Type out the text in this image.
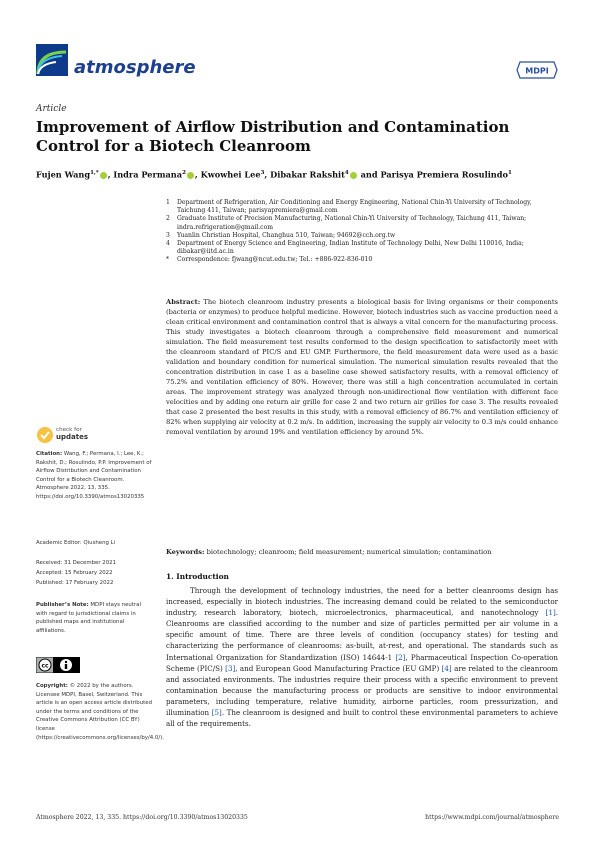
atmosphere	MDPI
Article
Improvement of Airflow Distribution and Contamination Control for a Biotech Cleanroom
Fujen Wang$^{1,*}$ , Indra Permana$^2$ , Kwowhei Lee$^3$, Dibakar Rakshit$^4$ and Parisya Premiera Rosulindo$^1$
1	Department of Refrigeration, Air Conditioning and Energy Engineering, National Chin-Yi University of Technology, Taichung 411, Taiwan; parisyapremiera@gmail.com
2	Graduate Institute of Precision Manufacturing, National Chin-Yi University of Technology, Taichung 411, Taiwan; indra.refrigeration@gmail.com
3	Yuanlin Christian Hospital, Changhua 510, Taiwan; 94692@cch.org.tw
4	Department of Energy Science and Engineering, Indian Institute of Technology Delhi, New Delhi 110016, India; dibakar@iitd.ac.in
*	Correspondence: fjwang@ncut.edu.tw; Tel.: +886-922-836-010
Abstract: The biotech cleanroom industry presents a biological basis for living organisms or their components (bacteria or enzymes) to produce helpful medicine. However, biotech industries such as vaccine production need a clean critical environment and contamination control that is always a vital concern for the manufacturing process. This study investigates a biotech cleanroom through a comprehensive field measurement and numerical simulation. The field measurement test results conformed to the design specification to satisfactorily meet with the cleanroom standard of PIC/S and EU GMP. Furthermore, the field measurement data were used as a basic validation and boundary condition for numerical simulation. The numerical simulation results revealed that the concentration distribution in case 1 as a baseline case showed satisfactory results, with a removal efficiency of 75.2% and ventilation efficiency of 80%. However, there was still a high concentration accumulated in certain areas. The improvement strategy was analyzed through non-unidirectional flow ventilation with different face velocities and by adding one return air grille for case 2 and two return air grilles for case 3. The results revealed that case 2 presented the best results in this study, with a removal efficiency of 86.7% and ventilation efficiency of 82% when supplying air velocity at 0.2 m/s. In addition, increasing the supply air velocity to 0.3 m/s could enhance removal ventilation by around 19% and ventilation efficiency by around 5%.
Keywords: biotechnology; cleanroom; field measurement; numerical simulation; contamination
check for
updates
Citation: Wang, F.; Permana, I.; Lee, K.; Rakshit, D.; Rosulindo, P.P. Improvement of Airflow Distribution and Contamination Control for a Biotech Cleanroom. Atmosphere 2022, 13, 335. https://doi.org/10.3390/atmos13020335
Academic Editor: Qiusheng Li
Received: 31 December 2021
Accepted: 15 February 2022
Published: 17 February 2022
Publisher’s Note: MDPI stays neutral with regard to jurisdictional claims in published maps and institutional affiliations.
cc
Copyright: © 2022 by the authors. Licensee MDPI, Basel, Switzerland. This article is an open access article distributed under the terms and conditions of the Creative Commons Attribution (CC BY) license (https://creativecommons.org/licenses/by/4.0/).
1. Introduction
Through the development of technology industries, the need for a better cleanrooms design has increased, especially in biotech industries. The increasing demand could be related to the semiconductor industry, research laboratory, biotech, microelectronics, pharmaceutical, and nanotechnology [1]. Cleanrooms are classified according to the number and size of particles permitted per air volume in a specific amount of time. There are three levels of condition (occupancy states) for testing and characterizing the performance of cleanrooms: as-built, at-rest, and operational. The standards such as International Organization for Standardization (ISO) 14644-1 [2], Pharmaceutical Inspection Co-operation Scheme (PIC/S) [3], and European Good Manufacturing Practice (EU GMP) [4] are related to the cleanroom and associated environments. The industries require their process with a specific environment to prevent contamination because the manufacturing process or products are sensitive to indoor environmental parameters, including temperature, relative humidity, airborne particles, room pressurization, and illumination [5]. The cleanroom is designed and built to control these environmental parameters to achieve all of the requirements.
Atmosphere 2022, 13, 335. https://doi.org/10.3390/atmos13020335	https://www.mdpi.com/journal/atmosphere
